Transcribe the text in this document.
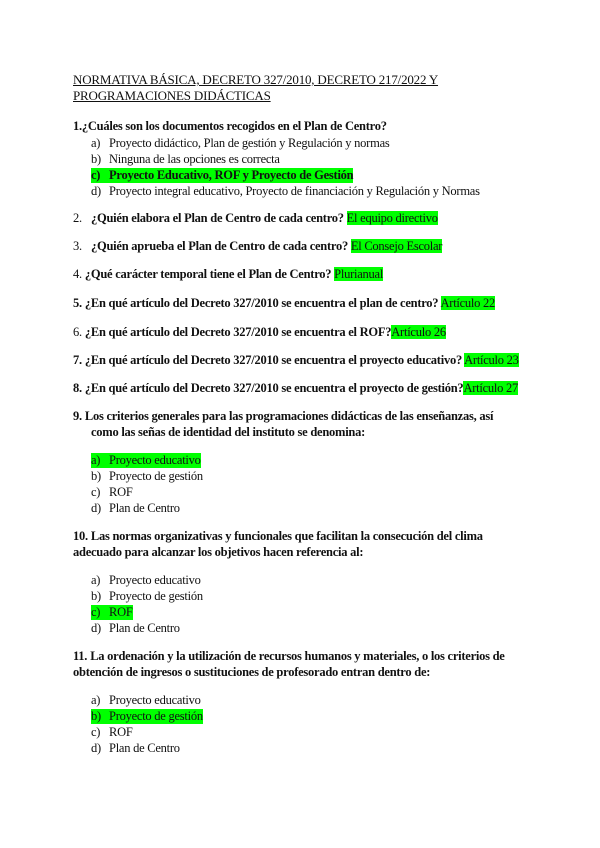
NORMATIVA BÁSICA, DECRETO 327/2010, DECRETO 217/2022 Y
PROGRAMACIONES DIDÁCTICAS
1.¿Cuáles son los documentos recogidos en el Plan de Centro?
a) Proyecto didáctico, Plan de gestión y Regulación y normas
b) Ninguna de las opciones es correcta
c) Proyecto Educativo, ROF y Proyecto de Gestión
d) Proyecto integral educativo, Proyecto de financiación y Regulación y Normas
2. ¿Quién elabora el Plan de Centro de cada centro? El equipo directivo
3. ¿Quién aprueba el Plan de Centro de cada centro? El Consejo Escolar
4. ¿Qué carácter temporal tiene el Plan de Centro? Plurianual
5. ¿En qué artículo del Decreto 327/2010 se encuentra el plan de centro? Artículo 22
6. ¿En qué artículo del Decreto 327/2010 se encuentra el ROF?Artículo 26
7. ¿En qué artículo del Decreto 327/2010 se encuentra el proyecto educativo? Artículo 23
8. ¿En qué artículo del Decreto 327/2010 se encuentra el proyecto de gestión?Artículo 27
9. Los criterios generales para las programaciones didácticas de las enseñanzas, así
como las señas de identidad del instituto se denomina:
a) Proyecto educativo
b) Proyecto de gestión
c) ROF
d) Plan de Centro
10. Las normas organizativas y funcionales que facilitan la consecución del clima
adecuado para alcanzar los objetivos hacen referencia al:
a) Proyecto educativo
b) Proyecto de gestión
c) ROF
d) Plan de Centro
11. La ordenación y la utilización de recursos humanos y materiales, o los criterios de
obtención de ingresos o sustituciones de profesorado entran dentro de:
a) Proyecto educativo
b) Proyecto de gestión
c) ROF
d) Plan de Centro
